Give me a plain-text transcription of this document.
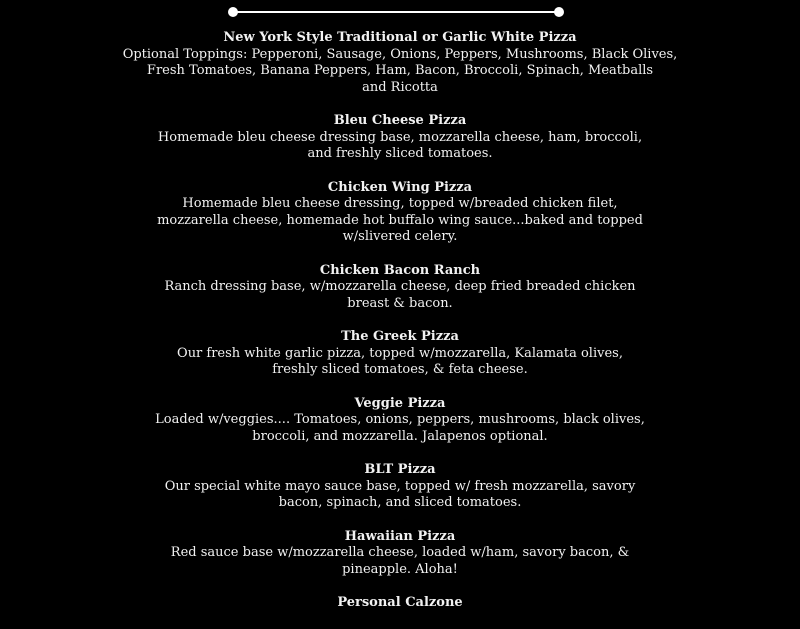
New York Style Traditional or Garlic White Pizza
Optional Toppings: Pepperoni, Sausage, Onions, Peppers, Mushrooms, Black Olives,
Fresh Tomatoes, Banana Peppers, Ham, Bacon, Broccoli, Spinach, Meatballs
and Ricotta
Bleu Cheese Pizza
Homemade bleu cheese dressing base, mozzarella cheese, ham, broccoli,
and freshly sliced tomatoes.
Chicken Wing Pizza
Homemade bleu cheese dressing, topped w/breaded chicken filet,
mozzarella cheese, homemade hot buffalo wing sauce...baked and topped
w/slivered celery.
Chicken Bacon Ranch
Ranch dressing base, w/mozzarella cheese, deep fried breaded chicken
breast & bacon.
The Greek Pizza
Our fresh white garlic pizza, topped w/mozzarella, Kalamata olives,
freshly sliced tomatoes, & feta cheese.
Veggie Pizza
Loaded w/veggies.... Tomatoes, onions, peppers, mushrooms, black olives,
broccoli, and mozzarella. Jalapenos optional.
BLT Pizza
Our special white mayo sauce base, topped w/ fresh mozzarella, savory
bacon, spinach, and sliced tomatoes.
Hawaiian Pizza
Red sauce base w/mozzarella cheese, loaded w/ham, savory bacon, &
pineapple. Aloha!
Personal Calzone
